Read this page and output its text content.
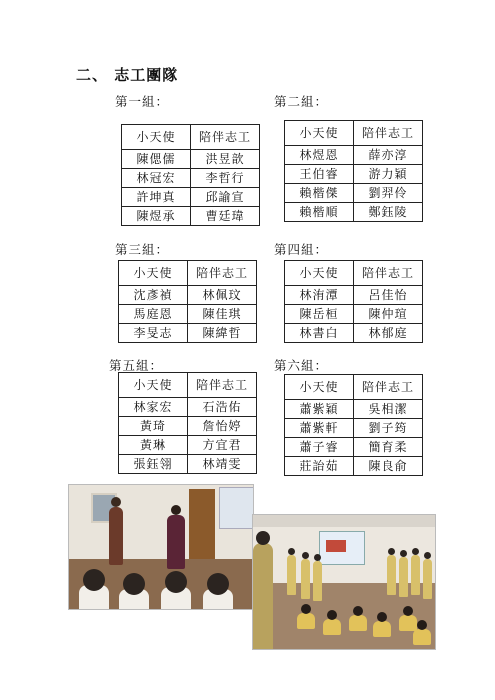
二、 志工團隊
第一組：
小天使	陪伴志工
陳偲儒	洪昱歆
林冠宏	李哲行
許坤真	邱諭宣
陳煜承	曹廷瑋
第二組：
小天使	陪伴志工
林煜恩	薛亦淳
王伯睿	游力穎
賴楷傑	劉羿伶
賴楷順	鄭鈺陵
第三組：
小天使	陪伴志工
沈彥禎	林佩玟
馬庭恩	陳佳琪
李旻志	陳緯哲
第四組：
小天使	陪伴志工
林洧潭	呂佳怡
陳岳桓	陳仲瑄
林書白	林郁庭
第五組：
小天使	陪伴志工
林家宏	石浩佑
黃琦	詹怡婷
黃琳	方宜君
張鈺翎	林靖雯
第六組：
小天使	陪伴志工
蕭紫穎	吳相潔
蕭紫軒	劉子筠
蕭子睿	簡育柔
莊詒茹	陳良俞
